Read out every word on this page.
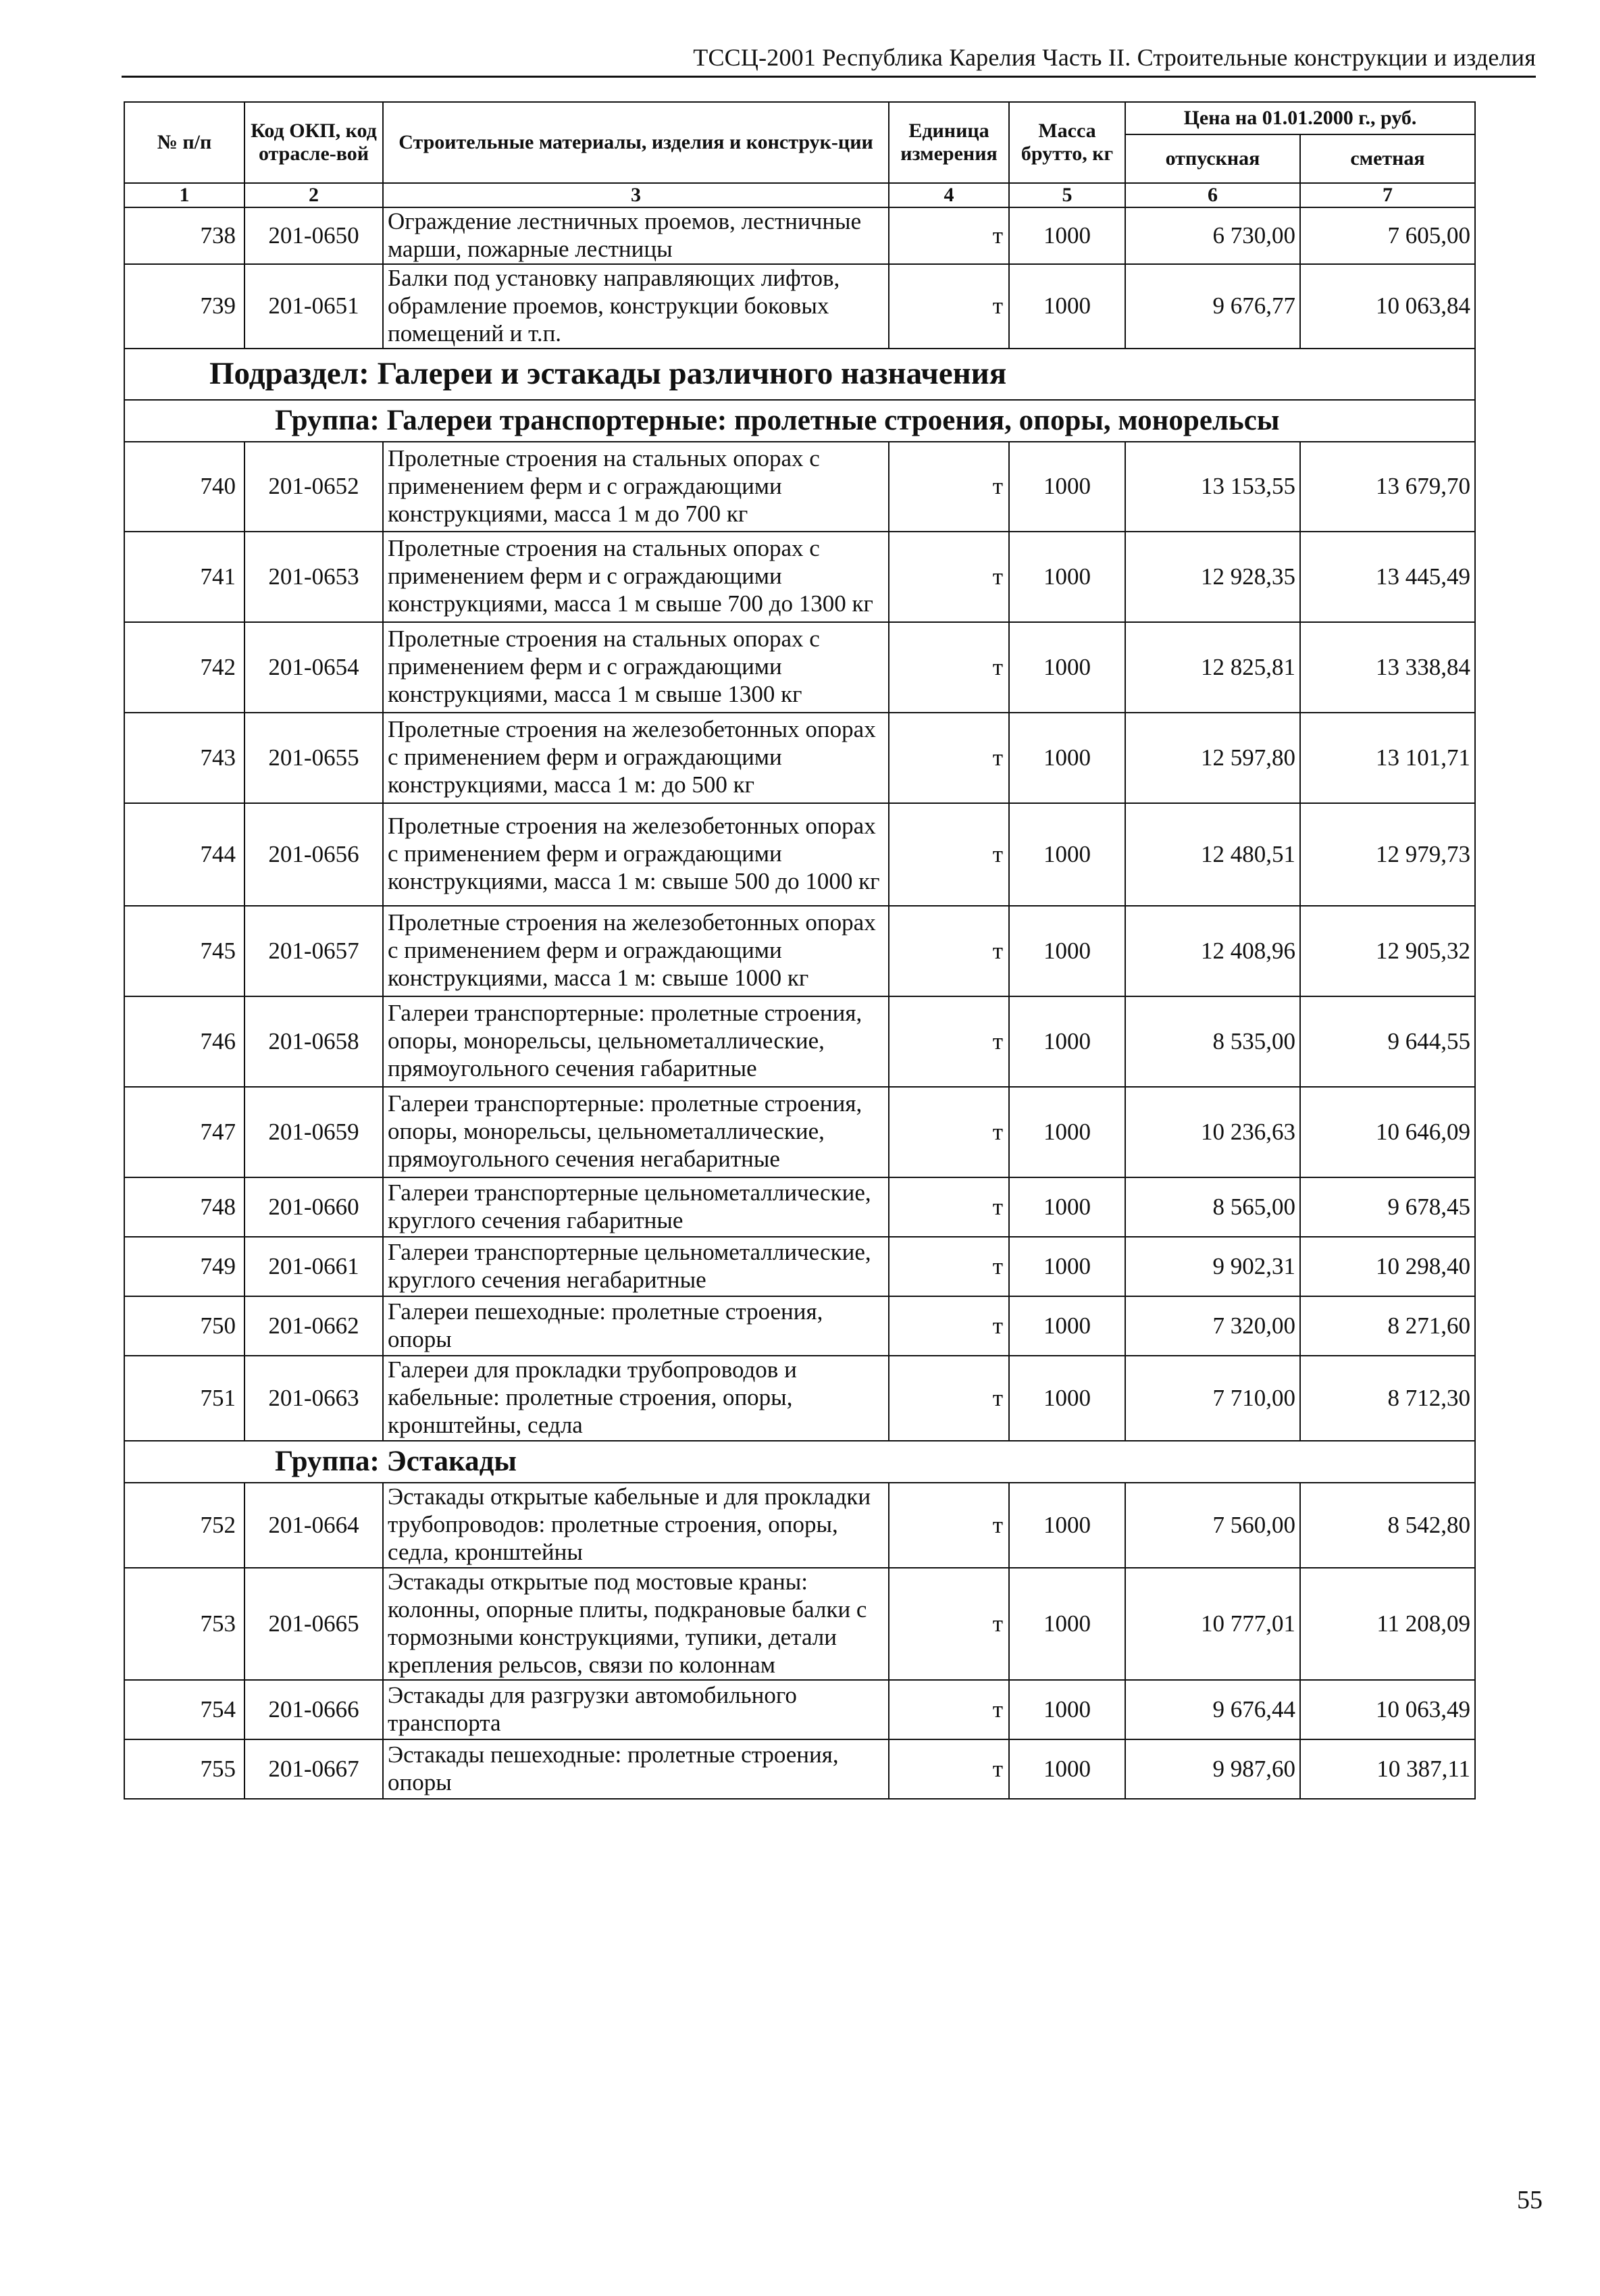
ТССЦ-2001 Республика Карелия Часть II. Строительные конструкции и изделия
№ п/п	Код ОКП, код отрасле-вой	Строительные материалы, изделия и конструк-ции	Единица измерения	Масса брутто, кг	Цена на 01.01.2000 г., руб.	
					отпускная	сметная
1	2	3	4	5	6	7
738	201-0650	Ограждение лестничных проемов, лестничные марши, пожарные лестницы	т	1000	6 730,00	7 605,00
739	201-0651	Балки под установку направляющих лифтов, обрамление проемов, конструкции боковых помещений и т.п.	т	1000	9 676,77	10 063,84
Подраздел: Галереи и эстакады различного назначения						
Группа: Галереи транспортерные: пролетные строения, опоры, монорельсы						
740	201-0652	Пролетные строения на стальных опорах с применением ферм и с ограждающими конструкциями, масса 1 м до 700 кг	т	1000	13 153,55	13 679,70
741	201-0653	Пролетные строения на стальных опорах с применением ферм и с ограждающими конструкциями, масса 1 м свыше 700 до 1300 кг	т	1000	12 928,35	13 445,49
742	201-0654	Пролетные строения на стальных опорах с применением ферм и с ограждающими конструкциями, масса 1 м свыше 1300 кг	т	1000	12 825,81	13 338,84
743	201-0655	Пролетные строения на железобетонных опорах с применением ферм и ограждающими конструкциями, масса 1 м: до 500 кг	т	1000	12 597,80	13 101,71
744	201-0656	Пролетные строения на железобетонных опорах с применением ферм и ограждающими конструкциями, масса 1 м: свыше 500 до 1000 кг	т	1000	12 480,51	12 979,73
745	201-0657	Пролетные строения на железобетонных опорах с применением ферм и ограждающими конструкциями, масса 1 м: свыше 1000 кг	т	1000	12 408,96	12 905,32
746	201-0658	Галереи транспортерные: пролетные строения, опоры, монорельсы, цельнометаллические, прямоугольного сечения габаритные	т	1000	8 535,00	9 644,55
747	201-0659	Галереи транспортерные: пролетные строения, опоры, монорельсы, цельнометаллические, прямоугольного сечения негабаритные	т	1000	10 236,63	10 646,09
748	201-0660	Галереи транспортерные цельнометаллические, круглого сечения габаритные	т	1000	8 565,00	9 678,45
749	201-0661	Галереи транспортерные цельнометаллические, круглого сечения негабаритные	т	1000	9 902,31	10 298,40
750	201-0662	Галереи пешеходные: пролетные строения, опоры	т	1000	7 320,00	8 271,60
751	201-0663	Галереи для прокладки трубопроводов и кабельные: пролетные строения, опоры, кронштейны, седла	т	1000	7 710,00	8 712,30
Группа: Эстакады						
752	201-0664	Эстакады открытые кабельные и для прокладки трубопроводов: пролетные строения, опоры, седла, кронштейны	т	1000	7 560,00	8 542,80
753	201-0665	Эстакады открытые под мостовые краны: колонны, опорные плиты, подкрановые балки с тормозными конструкциями, тупики, детали крепления рельсов, связи по колоннам	т	1000	10 777,01	11 208,09
754	201-0666	Эстакады для разгрузки автомобильного транспорта	т	1000	9 676,44	10 063,49
755	201-0667	Эстакады пешеходные: пролетные строения, опоры	т	1000	9 987,60	10 387,11
55
